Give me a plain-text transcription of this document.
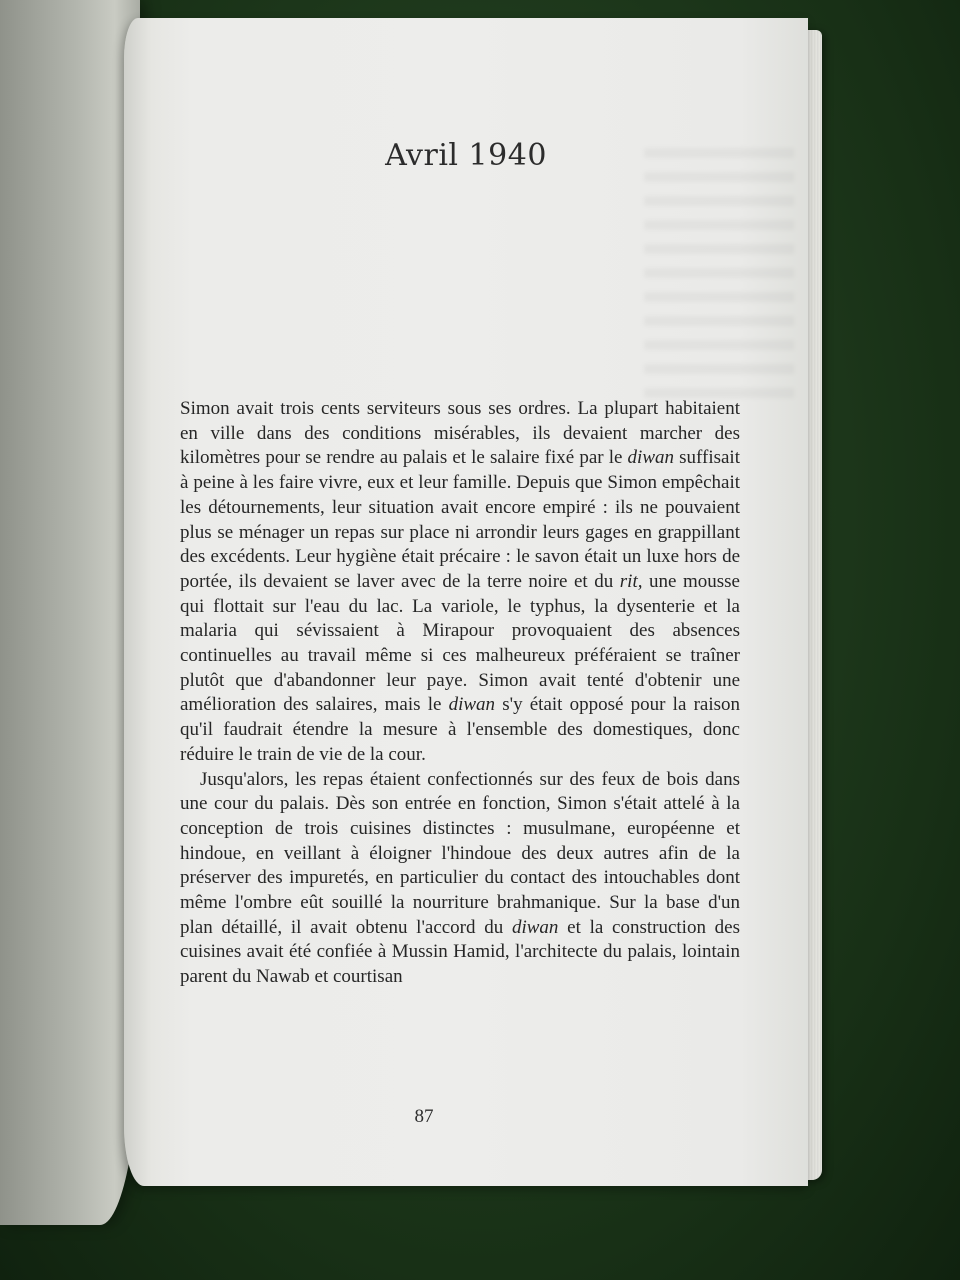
Avril 1940

Simon avait trois cents serviteurs sous ses ordres. La plupart habitaient en ville dans des conditions misérables, ils devaient marcher des kilomètres pour se rendre au palais et le salaire fixé par le diwan suffisait à peine à les faire vivre, eux et leur famille. Depuis que Simon empêchait les détournements, leur situation avait encore empiré : ils ne pouvaient plus se ménager un repas sur place ni arrondir leurs gages en grappillant des excédents. Leur hygiène était précaire : le savon était un luxe hors de portée, ils devaient se laver avec de la terre noire et du rit, une mousse qui flottait sur l'eau du lac. La variole, le typhus, la dysenterie et la malaria qui sévissaient à Mirapour provoquaient des absences continuelles au travail même si ces malheureux préféraient se traîner plutôt que d'abandonner leur paye. Simon avait tenté d'obtenir une amélioration des salaires, mais le diwan s'y était opposé pour la raison qu'il faudrait étendre la mesure à l'ensemble des domestiques, donc réduire le train de vie de la cour.

Jusqu'alors, les repas étaient confectionnés sur des feux de bois dans une cour du palais. Dès son entrée en fonction, Simon s'était attelé à la conception de trois cuisines distinctes : musulmane, européenne et hindoue, en veillant à éloigner l'hindoue des deux autres afin de la préserver des impuretés, en particulier du contact des intouchables dont même l'ombre eût souillé la nourriture brahmanique. Sur la base d'un plan détaillé, il avait obtenu l'accord du diwan et la construction des cuisines avait été confiée à Mussin Hamid, l'architecte du palais, lointain parent du Nawab et courtisan

87
